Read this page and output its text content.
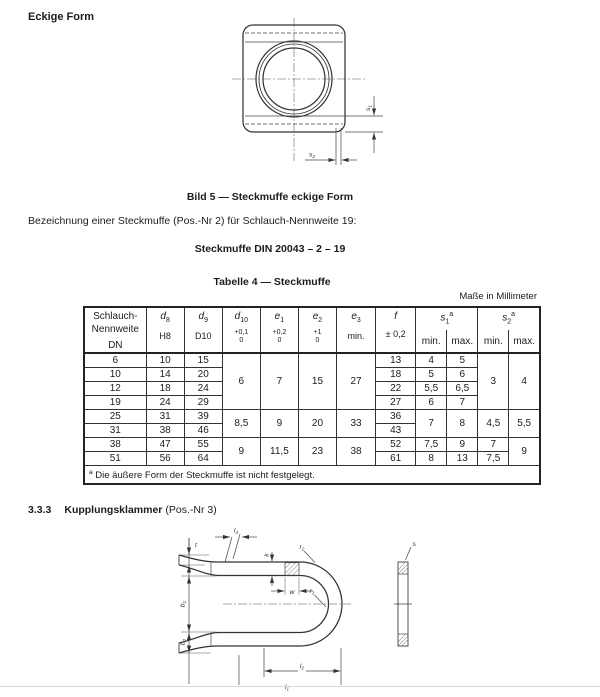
Eckige Form
$s_1$
$s_2$
Bild 5 — Steckmuffe eckige Form
Bezeichnung einer Steckmuffe (Pos.-Nr 2) für Schlauch-Nennweite 19:
Steckmuffe DIN 20043 – 2 – 19
Tabelle 4 — Steckmuffe
Maße in Millimeter
Schlauch-
Nennweite
DN

$d_8$
H8

$d_9$
D10

$d_{10}$
+0,1
0

$e_1$
+0,2
0

$e_2$
+1
0

$e_3$
min.

f
± 0,2

$s_1^a$	$s_2^a$

								min.	max.	min.	max.
6	10	15	6	7	15	27	13	4	5	3	4
10	14	20					18	5	6		
12	18	24					22	5,5	6,5		
19	24	29					27	6	7		
25	31	39	8,5	9	20	33	36	7	8	4,5	5,5
31	38	46					43				
38	47	55	9	11,5	23	38	52	7,5	9	7	9
51	56	64					61	8	13	7,5	
$^a$ Die äußere Form der Steckmuffe ist nicht festgelegt.											
3.3.3 Kupplungsklammer (Pos.-Nr 3)
s
$l_4$
t
$b_1$
$b_2$
k
w
$r_2$
$r_1$
$l_2$
$l_1$
